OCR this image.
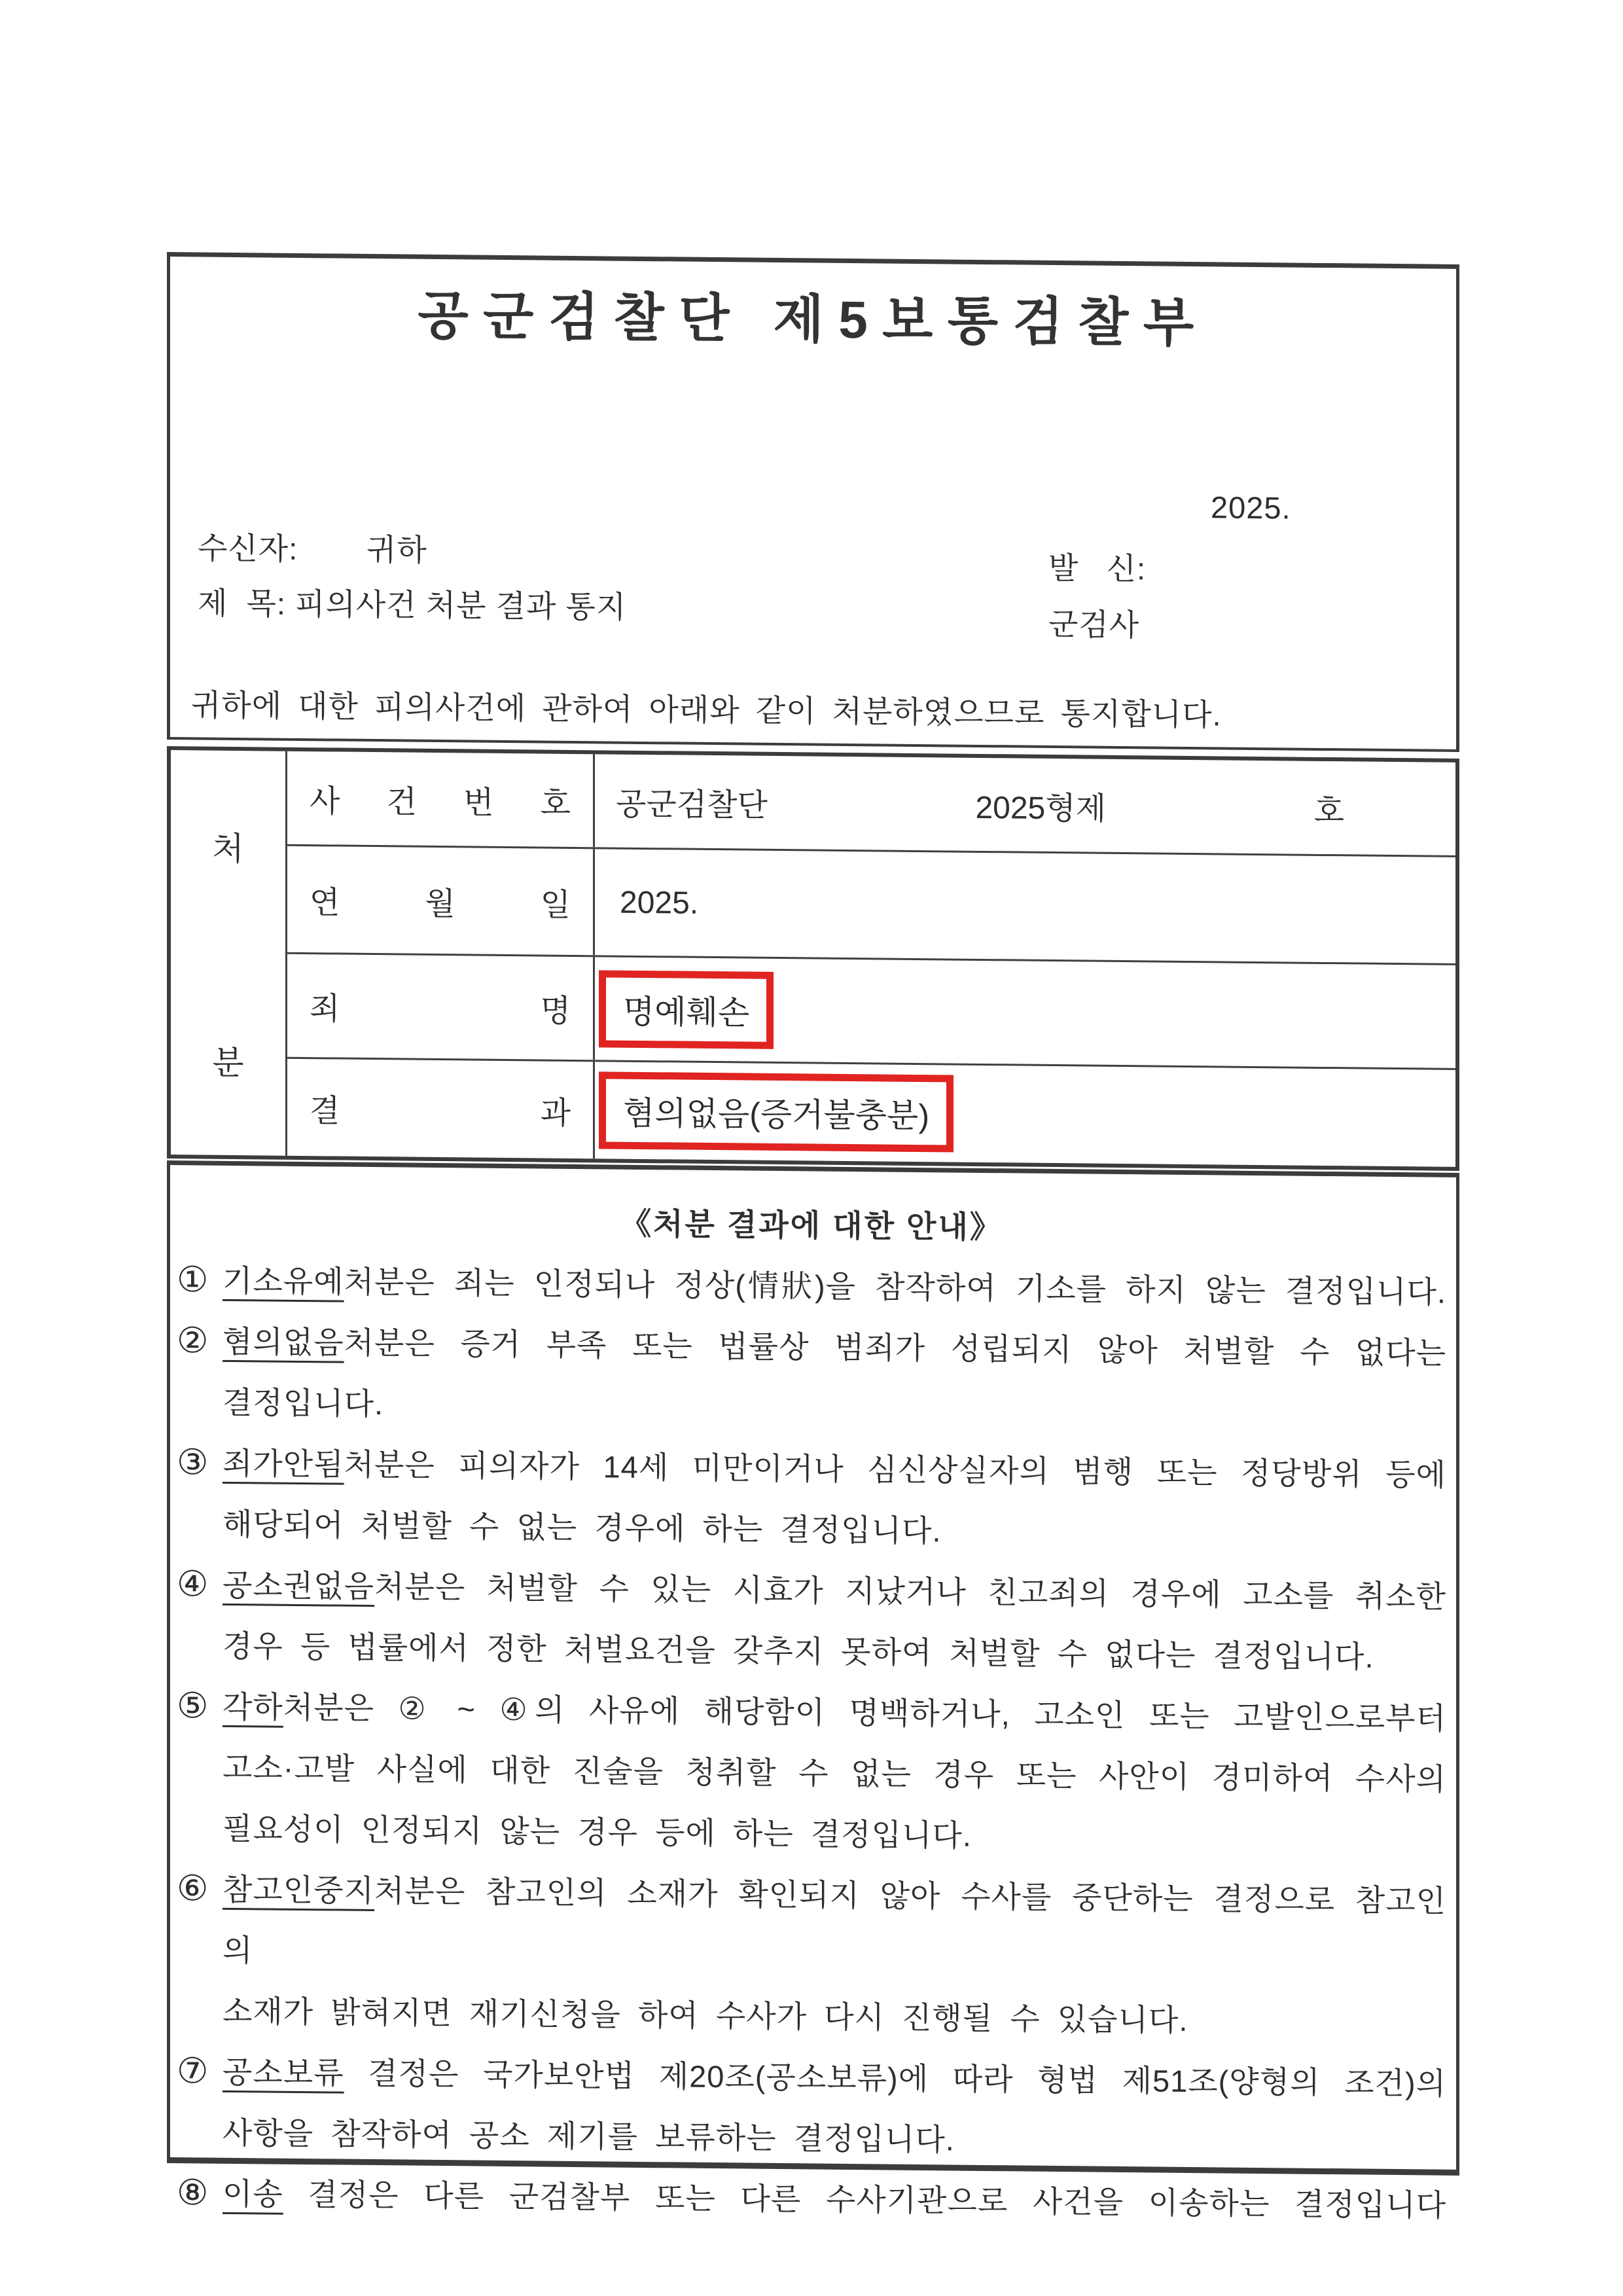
공군검찰단 제5보통검찰부
2025.
수신자: 귀하
발   신:
제  목: 피의사건 처분 결과 통지
군검사
귀하에 대한 피의사건에 관하여 아래와 같이 처분하였으므로 통지합니다.
처
분
사 건 번 호 공군검찰단	2025형제	호
연 월 일 2025.
죄 명	명예훼손
결 과	혐의없음(증거불충분)
《처분 결과에 대한 안내》
① 기소유예처분은 죄는 인정되나 정상(情狀)을 참작하여 기소를 하지 않는 결정입니다.
② 혐의없음처분은 증거 부족 또는 법률상 범죄가 성립되지 않아 처벌할 수 없다는
결정입니다.
③ 죄가안됨처분은 피의자가 14세 미만이거나 심신상실자의 범행 또는 정당방위 등에
해당되어 처벌할 수 없는 경우에 하는 결정입니다.
④ 공소권없음처분은 처벌할 수 있는 시효가 지났거나 친고죄의 경우에 고소를 취소한
경우 등 법률에서 정한 처벌요건을 갖추지 못하여 처벌할 수 없다는 결정입니다.
⑤ 각하처분은 ② ~ ④의 사유에 해당함이 명백하거나, 고소인 또는 고발인으로부터
고소·고발 사실에 대한 진술을 청취할 수 없는 경우 또는 사안이 경미하여 수사의
필요성이 인정되지 않는 경우 등에 하는 결정입니다.
⑥ 참고인중지처분은 참고인의 소재가 확인되지 않아 수사를 중단하는 결정으로 참고인의
소재가 밝혀지면 재기신청을 하여 수사가 다시 진행될 수 있습니다.
⑦ 공소보류 결정은 국가보안법 제20조(공소보류)에 따라 형법 제51조(양형의 조건)의
사항을 참작하여 공소 제기를 보류하는 결정입니다.
⑧ 이송 결정은 다른 군검찰부 또는 다른 수사기관으로 사건을 이송하는 결정입니다
